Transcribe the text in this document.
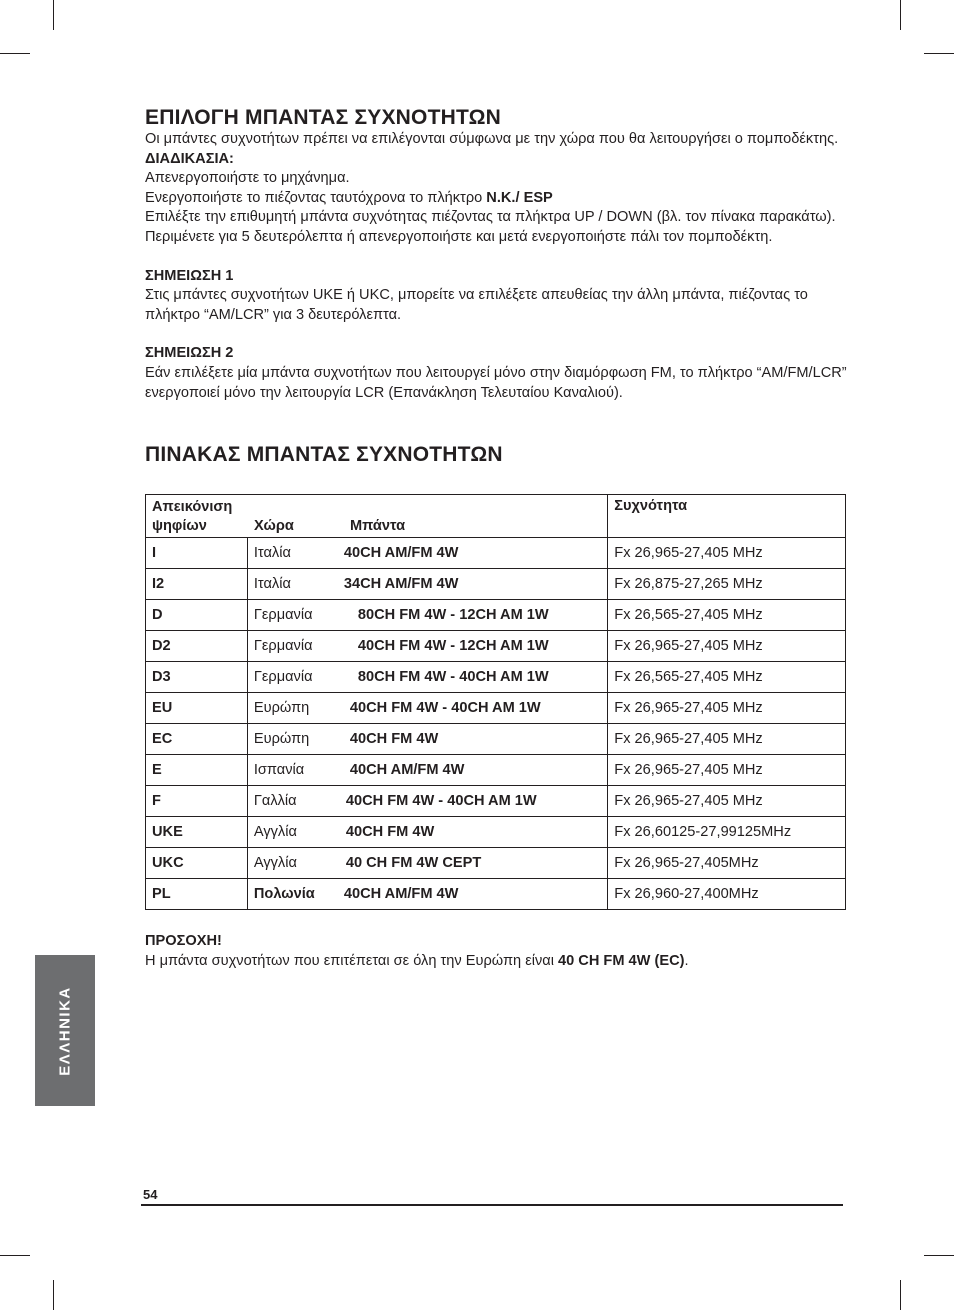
ΕΠΙΛΟΓΗ ΜΠΑΝΤΑΣ ΣΥΧΝΟΤΗΤΩΝ

Οι μπάντες συχνοτήτων πρέπει να επιλέγονται σύμφωνα με την χώρα που θα λειτουργήσει ο πομποδέκτης.

ΔΙΑΔΙΚΑΣΙΑ:

Απενεργοποιήστε το μηχάνημα.

Ενεργοποιήστε το πιέζοντας ταυτόχρονα το πλήκτρο N.K./ ESP

Επιλέξτε την επιθυμητή μπάντα συχνότητας πιέζοντας τα πλήκτρα UP / DOWN (βλ. τον πίνακα παρακάτω).

Περιμένετε για 5 δευτερόλεπτα ή απενεργοποιήστε και μετά ενεργοποιήστε πάλι τον πομποδέκτη.

ΣΗΜΕΙΩΣΗ 1

Στις μπάντες συχνοτήτων UKE ή UKC, μπορείτε να επιλέξετε απευθείας την άλλη μπάντα, πιέζοντας το πλήκτρο “AM/LCR” για 3 δευτερόλεπτα.

ΣΗΜΕΙΩΣΗ 2

Εάν επιλέξετε μία μπάντα συχνοτήτων που λειτουργεί μόνο στην διαμόρφωση FM, το πλήκτρο “AM/FM/LCR” ενεργοποιεί μόνο την λειτουργία LCR (Επανάκληση Τελευταίου Καναλιού).

ΠΙΝΑΚΑΣ ΜΠΑΝΤΑΣ ΣΥΧΝΟΤΗΤΩΝ
Απεικόνιση
ψηφίων Χώρα Μπάντα		Συχνότητα
I	Ιταλία 40CH AM/FM 4W	Fx 26,965-27,405 MHz
I2	Ιταλία 34CH AM/FM 4W	Fx 26,875-27,265 MHz
D	Γερμανία 80CH FM 4W - 12CH AM 1W	Fx 26,565-27,405 MHz
D2	Γερμανία 40CH FM 4W - 12CH AM 1W	Fx 26,965-27,405 MHz
D3	Γερμανία 80CH FM 4W - 40CH AM 1W	Fx 26,565-27,405 MHz
EU	Ευρώπη 40CH FM 4W - 40CH AM 1W	Fx 26,965-27,405 MHz
EC	Ευρώπη 40CH FM 4W	Fx 26,965-27,405 MHz
E	Ισπανία 40CH AM/FM 4W	Fx 26,965-27,405 MHz
F	Γαλλία 40CH FM 4W - 40CH AM 1W	Fx 26,965-27,405 MHz
UKE	Αγγλία 40CH FM 4W	Fx 26,60125-27,99125MHz
UKC	Αγγλία 40 CH FM 4W CEPT	Fx 26,965-27,405MHz
PL	Πολωνία 40CH AM/FM 4W	Fx 26,960-27,400MHz

ΠΡΟΣΟΧΗ!

Η μπάντα συχνοτήτων που επιτέπεται σε όλη την Ευρώπη είναι 40 CH FM 4W (EC).

ΕΛΛΗΝΙΚΑ
54
